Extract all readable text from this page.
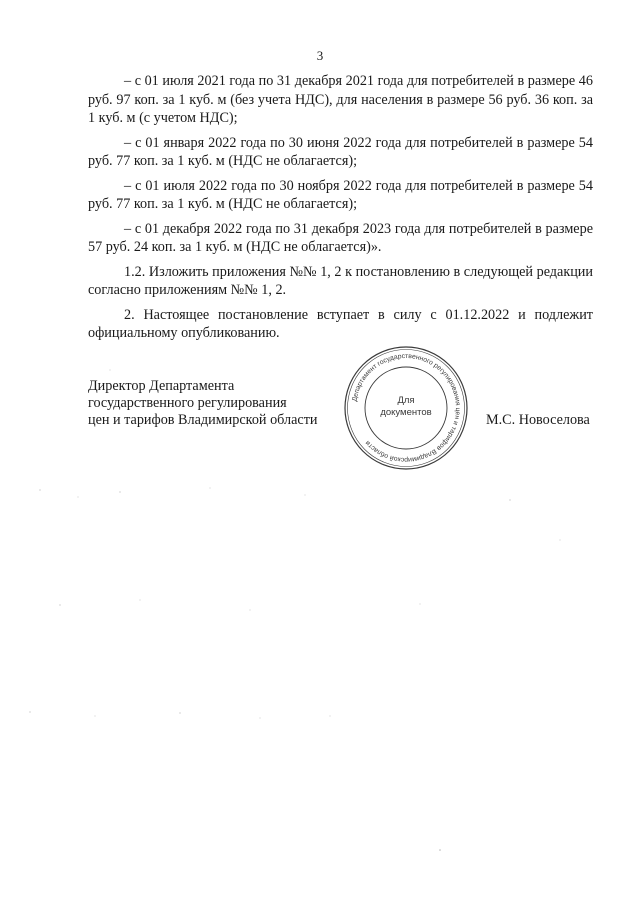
3

– с 01 июля 2021 года по 31 декабря 2021 года для потребителей в размере 46 руб. 97 коп. за 1 куб. м (без учета НДС), для населения в размере 56 руб. 36 коп. за 1 куб. м (с учетом НДС);

– с 01 января 2022 года по 30 июня 2022 года для потребителей в размере 54 руб. 77 коп. за 1 куб. м (НДС не облагается);

– с 01 июля 2022 года по 30 ноября 2022 года для потребителей в размере 54 руб. 77 коп. за 1 куб. м (НДС не облагается);

– с 01 декабря 2022 года по 31 декабря 2023 года для потребителей в размере 57 руб. 24 коп. за 1 куб. м (НДС не облагается)».

1.2. Изложить приложения №№ 1, 2 к постановлению в следующей редакции согласно приложениям №№ 1, 2.

2. Настоящее постановление вступает в силу с 01.12.2022 и подлежит официальному опубликованию.

Директор Департамента
государственного регулирования
цен и тарифов Владимирской области
Департамент государственного регулирования цен и тарифов Владимирской области
Для
документов	М.С. Новоселова
